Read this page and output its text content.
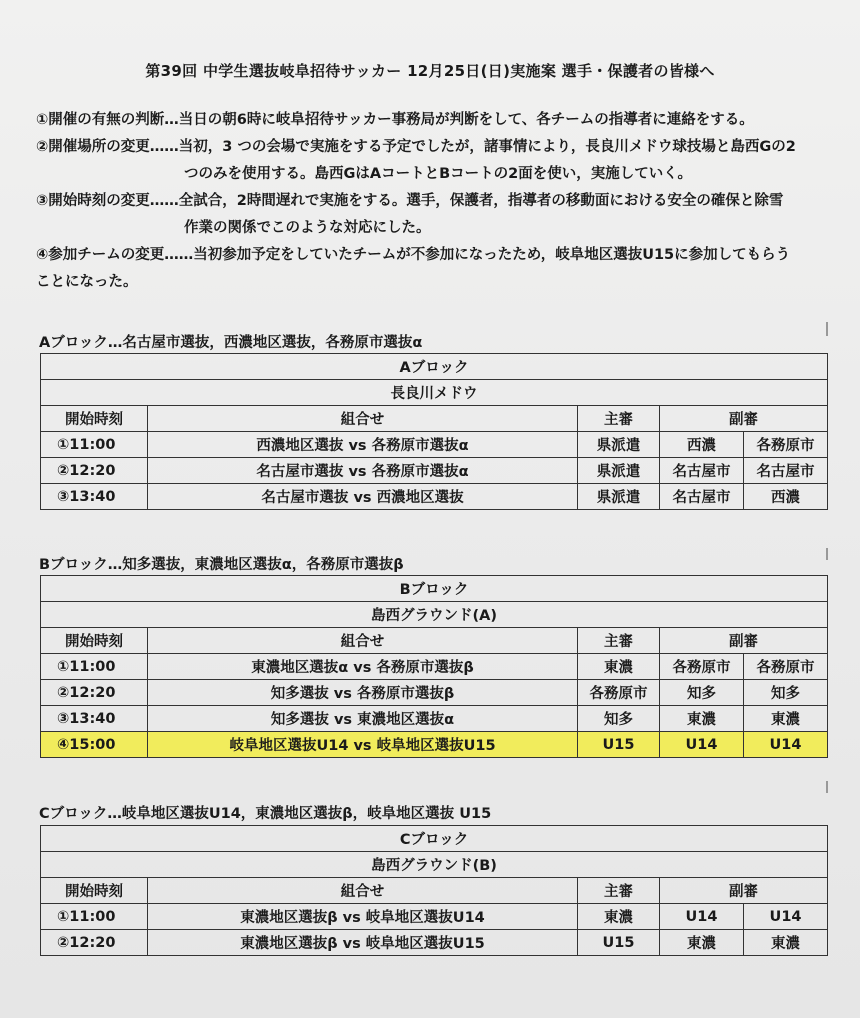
第39回 中学生選抜岐阜招待サッカー 12月25日(日)実施案 選手・保護者の皆様へ
①開催の有無の判断…当日の朝6時に岐阜招待サッカー事務局が判断をして、各チームの指導者に連絡をする。
②開催場所の変更……当初，3 つの会場で実施をする予定でしたが，諸事情により，長良川メドウ球技場と島西Gの2
つのみを使用する。島西GはAコートとBコートの2面を使い，実施していく。
③開始時刻の変更……全試合，2時間遅れで実施をする。選手，保護者，指導者の移動面における安全の確保と除雪
作業の関係でこのような対応にした。
④参加チームの変更……当初参加予定をしていたチームが不参加になったため，岐阜地区選抜U15に参加してもらう
ことになった。
Aブロック…名古屋市選抜，西濃地区選抜，各務原市選抜α
Aブロック				
長良川メドウ				
開始時刻	組合せ	主審	副審	
①11:00	西濃地区選抜 vs 各務原市選抜α	県派遣	西濃	各務原市
②12:20	名古屋市選抜 vs 各務原市選抜α	県派遣	名古屋市	名古屋市
③13:40	名古屋市選抜 vs 西濃地区選抜	県派遣	名古屋市	西濃
Bブロック…知多選抜，東濃地区選抜α，各務原市選抜β
Bブロック				
島西グラウンド(A)				
開始時刻	組合せ	主審	副審	
①11:00	東濃地区選抜α vs 各務原市選抜β	東濃	各務原市	各務原市
②12:20	知多選抜 vs 各務原市選抜β	各務原市	知多	知多
③13:40	知多選抜 vs 東濃地区選抜α	知多	東濃	東濃
④15:00	岐阜地区選抜U14 vs 岐阜地区選抜U15	U15	U14	U14
Cブロック…岐阜地区選抜U14，東濃地区選抜β，岐阜地区選抜 U15
Cブロック				
島西グラウンド(B)				
開始時刻	組合せ	主審	副審	
①11:00	東濃地区選抜β vs 岐阜地区選抜U14	東濃	U14	U14
②12:20	東濃地区選抜β vs 岐阜地区選抜U15	U15	東濃	東濃
